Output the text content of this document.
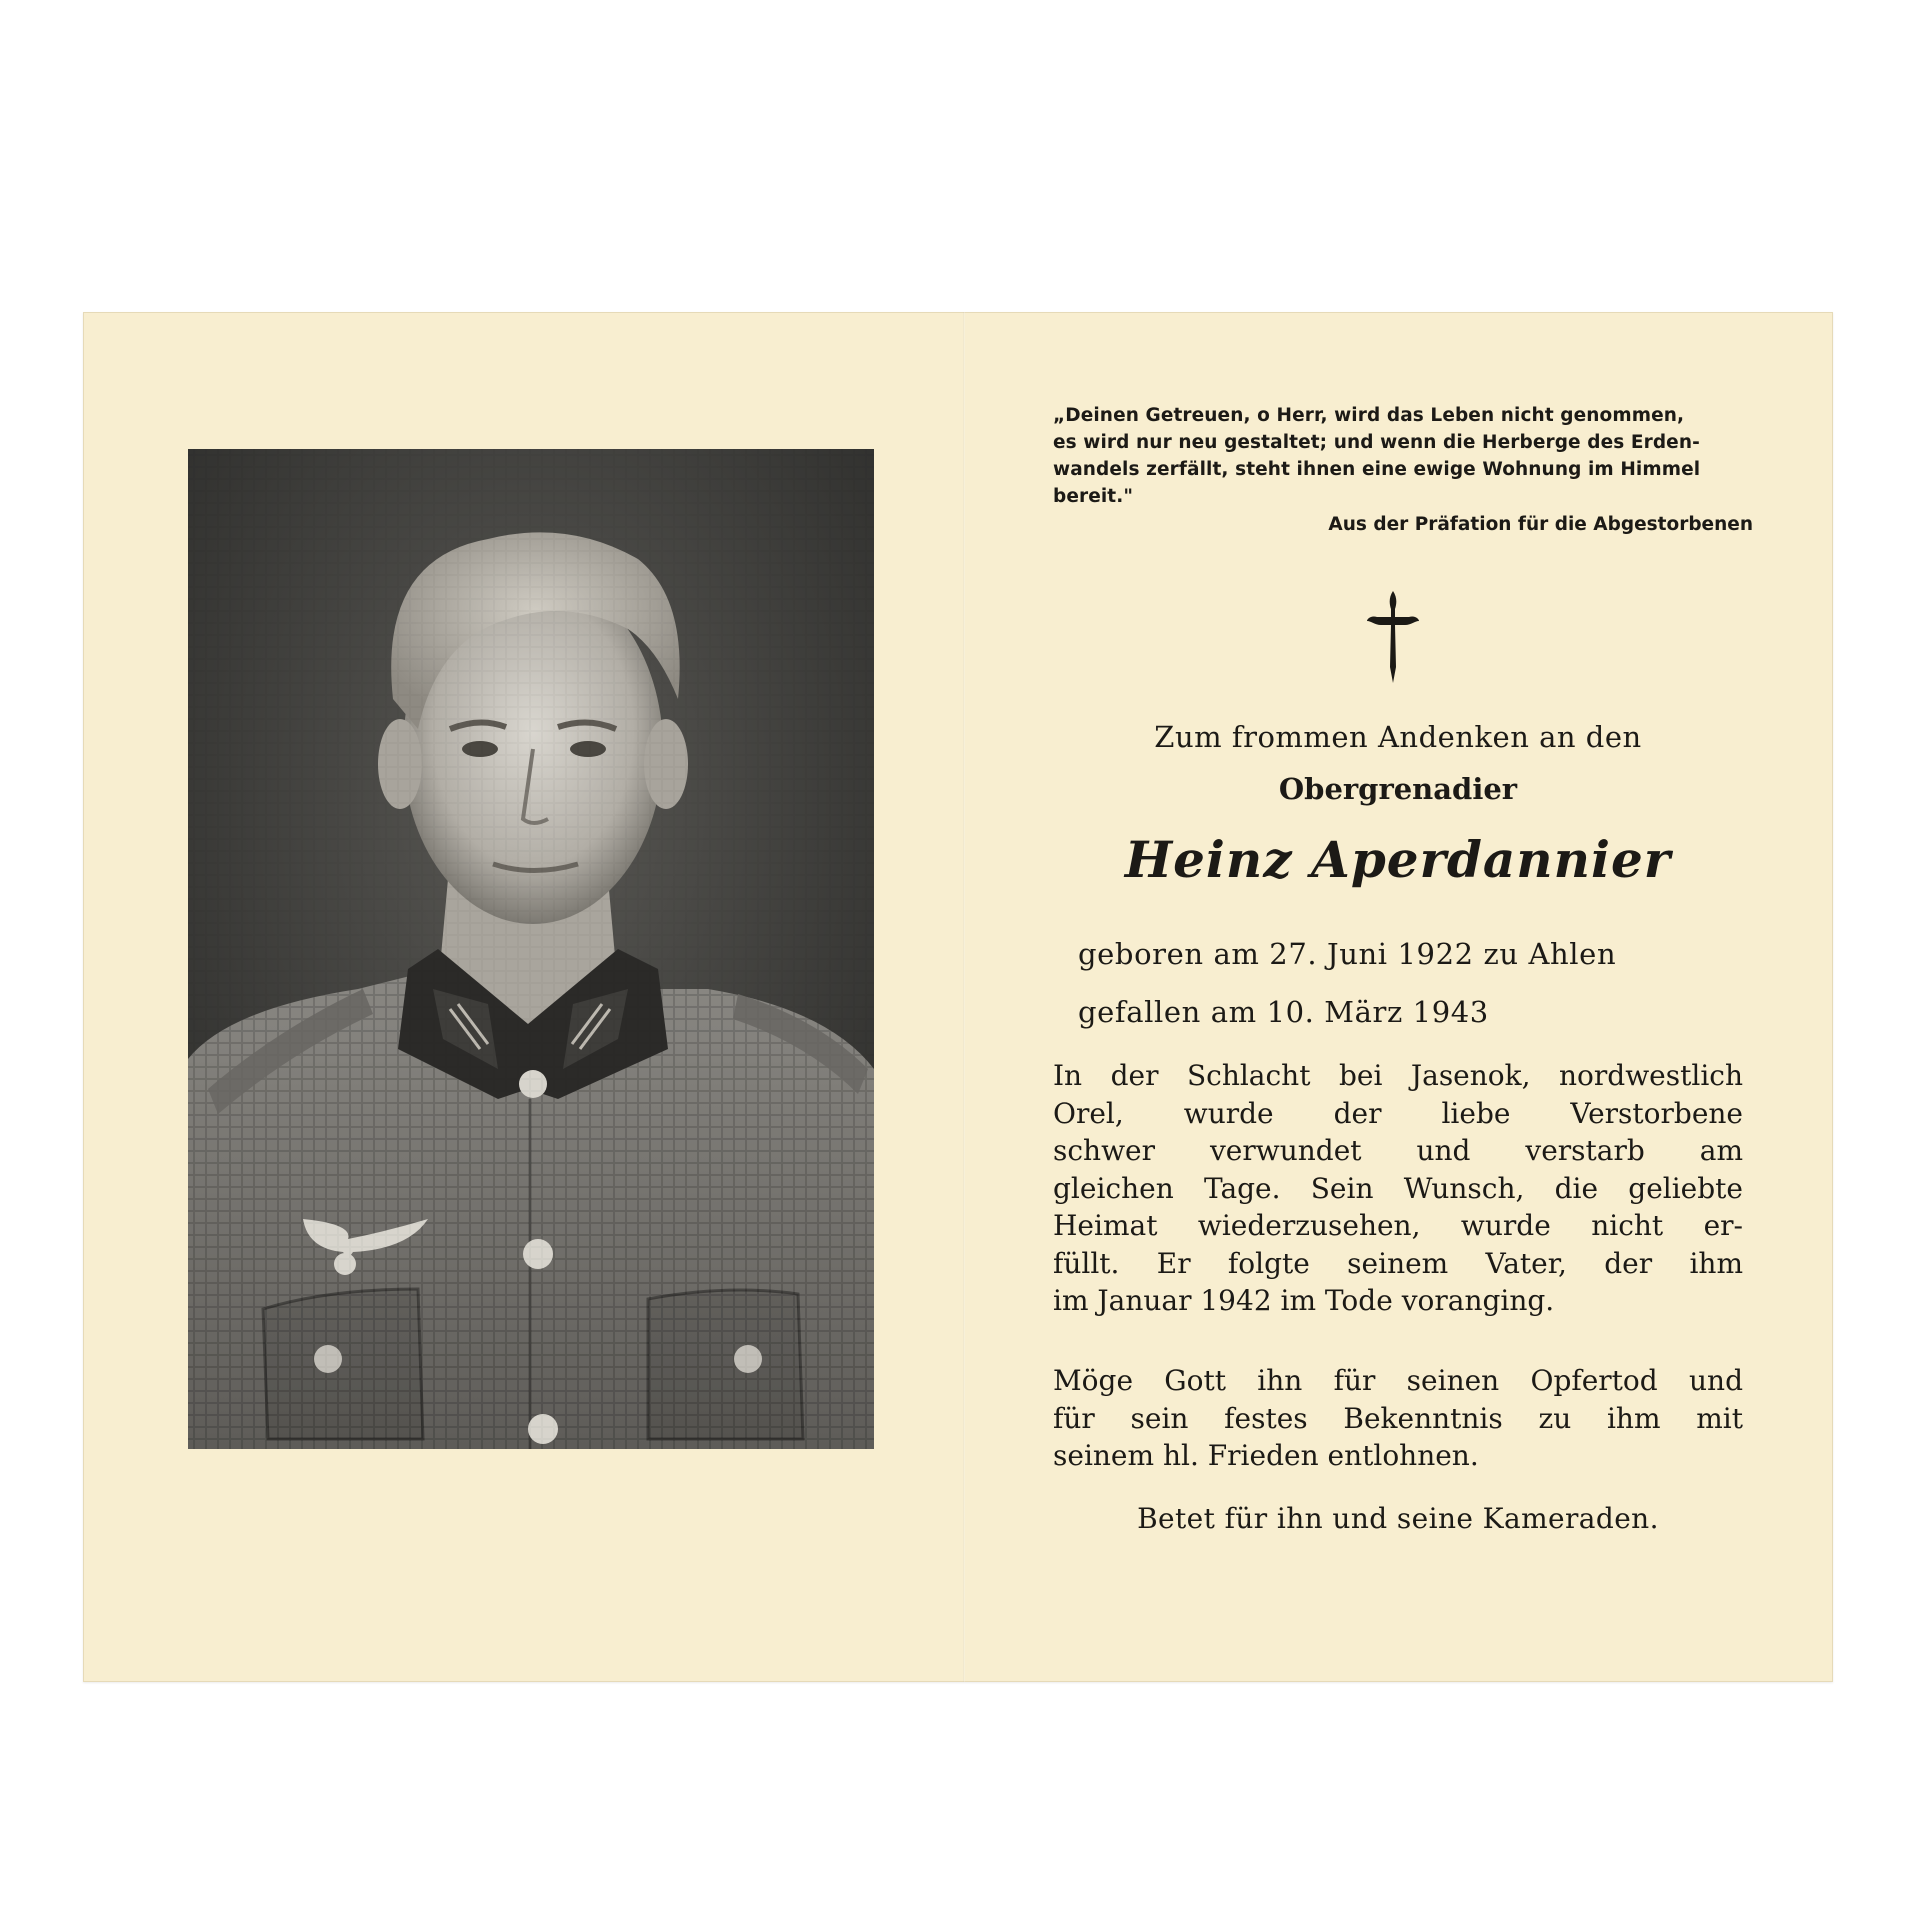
„Deinen Getreuen, o Herr, wird das Leben nicht genommen,
es wird nur neu gestaltet; und wenn die Herberge des Erden-
wandels zerfällt, steht ihnen eine ewige Wohnung im Himmel
bereit."
Aus der Präfation für die Abgestorbenen
Zum frommen Andenken an den
Obergrenadier
Heinz Aperdannier
geboren am 27. Juni 1922 zu Ahlen
gefallen am 10. März 1943
In der Schlacht bei Jasenok, nordwestlich
Orel, wurde der liebe Verstorbene
schwer verwundet und verstarb am
gleichen Tage. Sein Wunsch, die geliebte
Heimat wiederzusehen, wurde nicht er-
füllt. Er folgte seinem Vater, der ihm
im Januar 1942 im Tode voranging.
Möge Gott ihn für seinen Opfertod und
für sein festes Bekenntnis zu ihm mit
seinem hl. Frieden entlohnen.
Betet für ihn und seine Kameraden.
